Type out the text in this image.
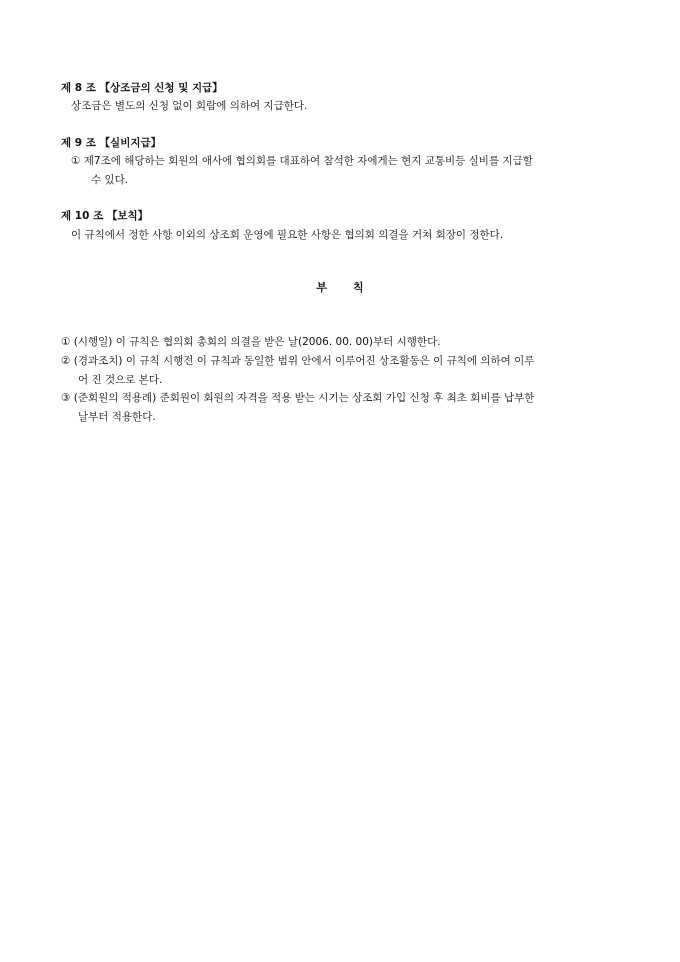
제 8 조 【상조금의 신청 및 지급】
상조금은 별도의 신청 없이 회람에 의하여 지급한다.
제 9 조 【실비지급】
① 제7조에 해당하는 회원의 애사에 협의회를 대표하여 참석한 자에게는 현지 교통비등 실비를 지급할
수 있다.
제 10 조 【보칙】
이 규칙에서 정한 사항 이외의 상조회 운영에 필요한 사항은 협의회 의결을 거쳐 회장이 정한다.
부칙
① (시행일) 이 규칙은 협의회 총회의 의결을 받은 날(2006. 00. 00)부터 시행한다.
② (경과조치) 이 규칙 시행전 이 규칙과 동일한 범위 안에서 이루어진 상조활동은 이 규칙에 의하여 이루
어 진 것으로 본다.
③ (준회원의 적용례) 준회원이 회원의 자격을 적용 받는 시기는 상조회 가입 신청 후 최초 회비를 납부한
날부터 적용한다.
